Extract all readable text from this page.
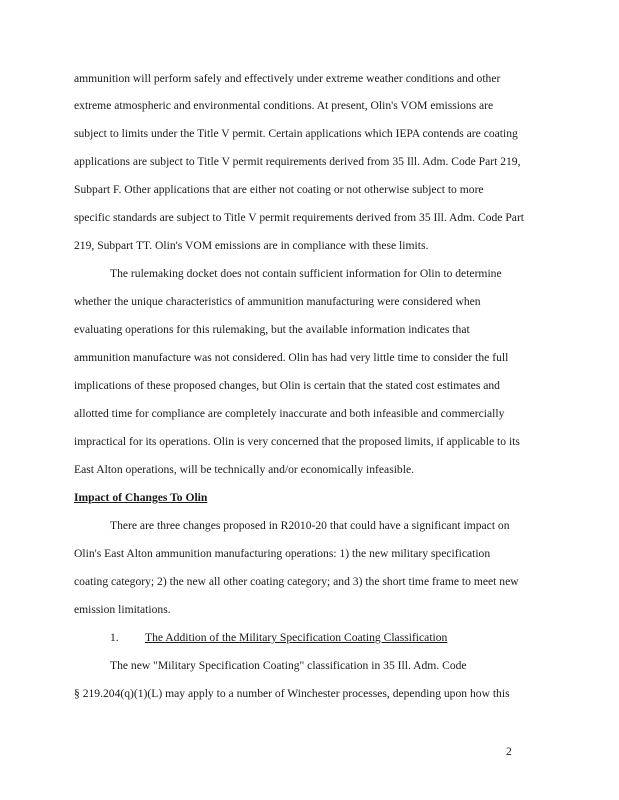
ammunition will perform safely and effectively under extreme weather conditions and other
extreme atmospheric and environmental conditions. At present, Olin's VOM emissions are
subject to limits under the Title V permit. Certain applications which IEPA contends are coating
applications are subject to Title V permit requirements derived from 35 Ill. Adm. Code Part 219,
Subpart F. Other applications that are either not coating or not otherwise subject to more
specific standards are subject to Title V permit requirements derived from 35 Ill. Adm. Code Part
219, Subpart TT. Olin's VOM emissions are in compliance with these limits.
The rulemaking docket does not contain sufficient information for Olin to determine
whether the unique characteristics of ammunition manufacturing were considered when
evaluating operations for this rulemaking, but the available information indicates that
ammunition manufacture was not considered. Olin has had very little time to consider the full
implications of these proposed changes, but Olin is certain that the stated cost estimates and
allotted time for compliance are completely inaccurate and both infeasible and commercially
impractical for its operations. Olin is very concerned that the proposed limits, if applicable to its
East Alton operations, will be technically and/or economically infeasible.
Impact of Changes To Olin
There are three changes proposed in R2010-20 that could have a significant impact on
Olin's East Alton ammunition manufacturing operations: 1) the new military specification
coating category; 2) the new all other coating category; and 3) the short time frame to meet new
emission limitations.
1. The Addition of the Military Specification Coating Classification
The new "Military Specification Coating" classification in 35 Ill. Adm. Code
§ 219.204(q)(1)(L) may apply to a number of Winchester processes, depending upon how this
2
